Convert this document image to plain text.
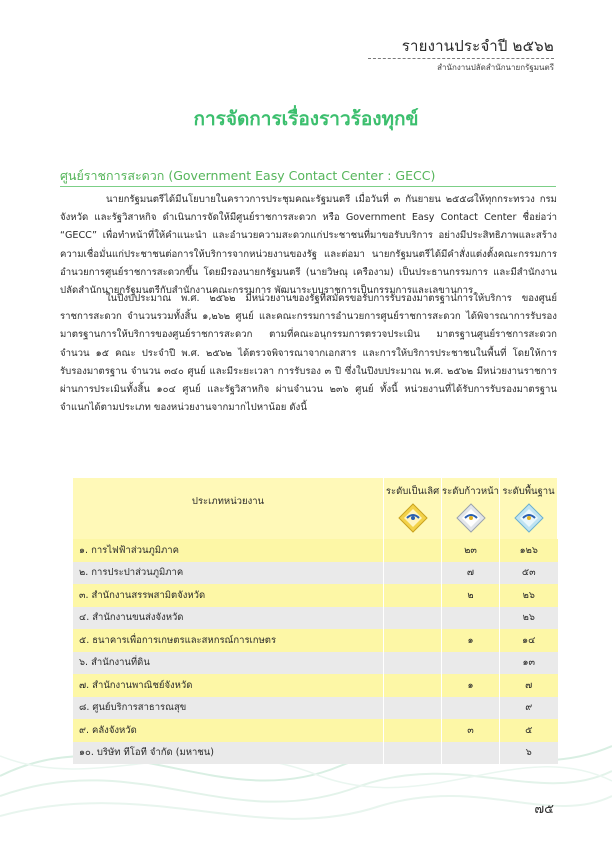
รายงานประจำปี ๒๕๖๒
สำนักงานปลัดสำนักนายกรัฐมนตรี
การจัดการเรื่องราวร้องทุกข์
ศูนย์ราชการสะดวก (Government Easy Contact Center : GECC)
นายกรัฐมนตรีได้มีนโยบายในคราวการประชุมคณะรัฐมนตรี เมื่อวันที่ ๓ กันยายน ๒๕๕๘ให้ทุกกระทรวง กรม จังหวัด และรัฐวิสาหกิจ ดำเนินการจัดให้มีศูนย์ราชการสะดวก หรือ Government Easy Contact Center ชื่อย่อว่า “GECC” เพื่อทำหน้าที่ให้คำแนะนำ และอำนวยความสะดวกแก่ประชาชนที่มาขอรับบริการ อย่างมีประสิทธิภาพและสร้างความเชื่อมั่นแก่ประชาชนต่อการให้บริการจากหน่วยงานของรัฐ และต่อมา นายกรัฐมนตรีได้มีคำสั่งแต่งตั้งคณะกรรมการอำนวยการศูนย์ราชการสะดวกขึ้น โดยมีรองนายกรัฐมนตรี (นายวิษณุ เครืองาม) เป็นประธานกรรมการ และมีสำนักงานปลัดสำนักนายกรัฐมนตรีกับสำนักงานคณะกรรมการ พัฒนาระบบราชการเป็นกรรมการและเลขานุการ
ในปีงบประมาณ พ.ศ. ๒๕๖๒ มีหน่วยงานของรัฐที่สมัครขอรับการรับรองมาตรฐานการให้บริการ ของศูนย์ราชการสะดวก จำนวนรวมทั้งสิ้น ๑,๒๖๒ ศูนย์ และคณะกรรมการอำนวยการศูนย์ราชการสะดวก ได้พิจารณาการรับรองมาตรฐานการให้บริการของศูนย์ราชการสะดวก ตามที่คณะอนุกรรมการตรวจประเมิน มาตรฐานศูนย์ราชการสะดวก จำนวน ๑๕ คณะ ประจำปี พ.ศ. ๒๕๖๒ ได้ตรวจพิจารณาจากเอกสาร และการให้บริการประชาชนในพื้นที่ โดยให้การรับรองมาตรฐาน จำนวน ๓๔๐ ศูนย์ และมีระยะเวลา การรับรอง ๓ ปี ซึ่งในปีงบประมาณ พ.ศ. ๒๕๖๒ มีหน่วยงานราชการผ่านการประเมินทั้งสิ้น ๑๐๔ ศูนย์ และรัฐวิสาหกิจ ผ่านจำนวน ๒๓๖ ศูนย์ ทั้งนี้ หน่วยงานที่ได้รับการรับรองมาตรฐานจำแนกได้ตามประเภท ของหน่วยงานจากมากไปหาน้อย ดังนี้
ประเภทหน่วยงาน	ระดับเป็นเลิศ	ระดับก้าวหน้า	ระดับพื้นฐาน

๑. การไฟฟ้าส่วนภูมิภาค		๒๓	๑๒๖
๒. การประปาส่วนภูมิภาค		๗	๕๓
๓. สำนักงานสรรพสามิตจังหวัด		๒	๒๖
๔. สำนักงานขนส่งจังหวัด			๒๖
๕. ธนาคารเพื่อการเกษตรและสหกรณ์การเกษตร		๑	๑๔
๖. สำนักงานที่ดิน			๑๓
๗. สำนักงานพาณิชย์จังหวัด		๑	๗
๘. ศูนย์บริการสาธารณสุข			๙
๙. คลังจังหวัด		๓	๕
๑๐. บริษัท ทีโอที จำกัด (มหาชน)			๖
๗๕
